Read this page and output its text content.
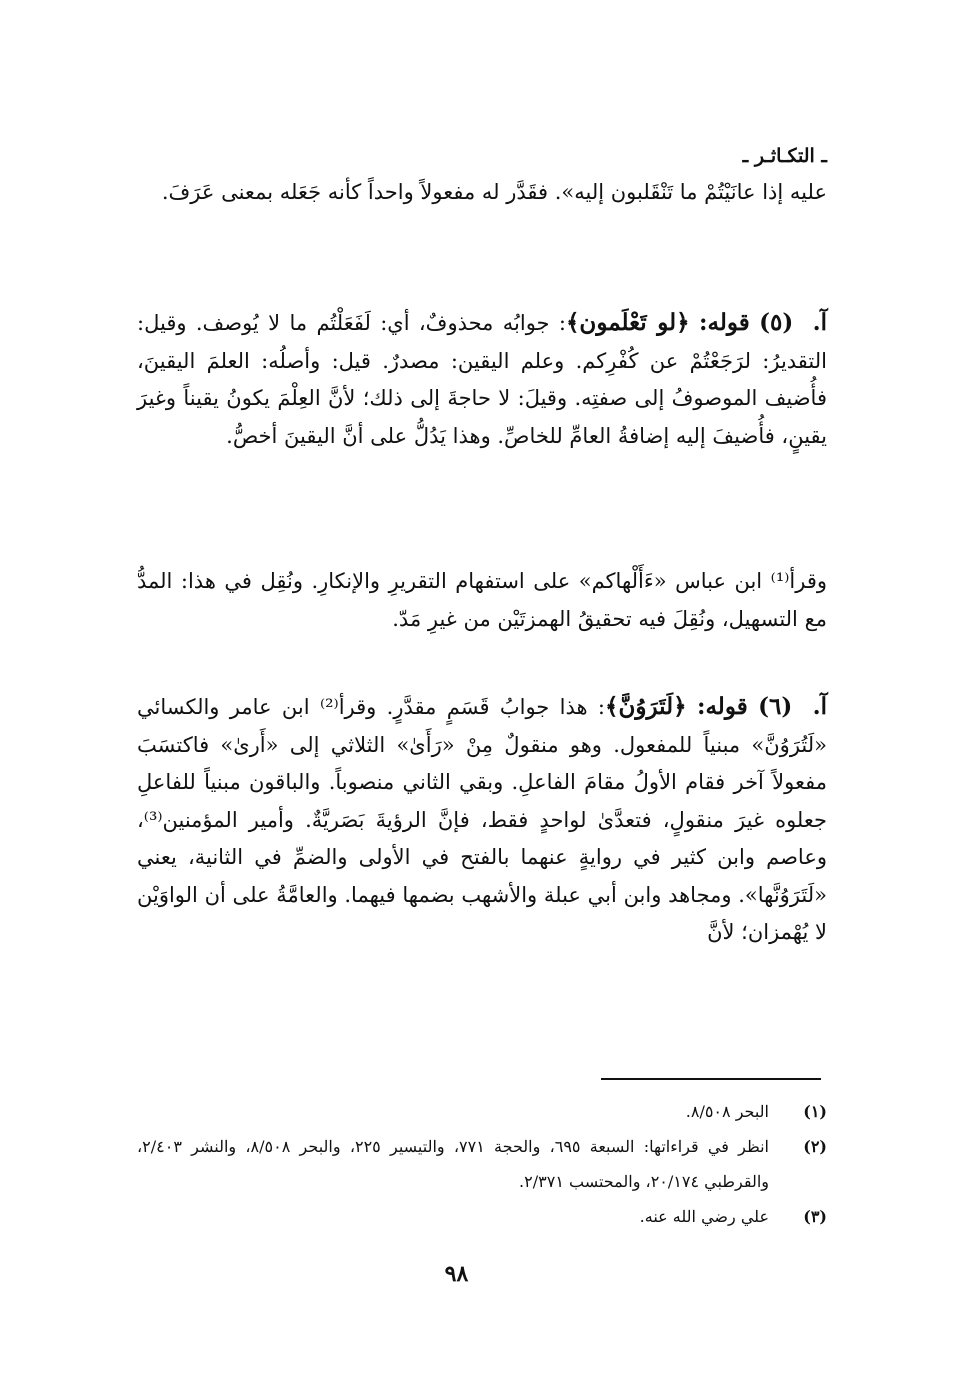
ـ التكـاثـر ـ

عليه إذا عانَيْتُمْ ما تَنْقَلبون إليه». فقَدَّر له مفعولاً واحداً كأنه جَعَله بمعنى عَرَفَ.

آ. (٥) قوله: ﴿لو تَعْلَمون﴾: جوابُه محذوفٌ، أي: لَفَعَلْتُم ما لا يُوصف. وقيل: التقديرُ: لرَجَعْتُمْ عن كُفْرِكم. وعلم اليقين: مصدرٌ. قيل: وأصلُه: العلمَ اليقينَ، فأُضيف الموصوفُ إلى صفتِه. وقيلَ: لا حاجةَ إلى ذلك؛ لأنَّ العِلْمَ يكونُ يقيناً وغيرَ يقينٍ، فأُضيفَ إليه إضافةُ العامِّ للخاصِّ. وهذا يَدُلُّ على أنَّ اليقينَ أخصُّ.

وقرأ⁽¹⁾ ابن عباس «ءَأَلْهاكم» على استفهام التقريرِ والإنكارِ. ونُقِل في هذا: المدُّ مع التسهيل، ونُقِلَ فيه تحقيقُ الهمزتَيْن من غيرِ مَدّ.

آ. (٦) قوله: ﴿لَتَرَوُنَّ﴾: هذا جوابُ قَسَمٍ مقدَّرٍ. وقرأ⁽²⁾ ابن عامر والكسائي «لَتُرَوُنَّ» مبنياً للمفعول. وهو منقولٌ مِنْ «رَأَىٰ» الثلاثي إلى «أَرىٰ» فاكتسَبَ مفعولاً آخر فقام الأولُ مقامَ الفاعلِ. وبقي الثاني منصوباً. والباقون مبنياً للفاعلِ جعلوه غيرَ منقولٍ، فتعدَّىٰ لواحدٍ فقط، فإنَّ الرؤيةَ بَصَريَّةٌ. وأمير المؤمنين⁽³⁾، وعاصم وابن كثير في روايةٍ عنهما بالفتح في الأولى والضمِّ في الثانية، يعني «لَتَرَوُنَّها». ومجاهد وابن أبي عبلة والأشهب بضمها فيهما. والعامَّةُ على أن الواوَيْن لا يُهْمزان؛ لأنَّ

(١)
البحر ٨/٥٠٨.
(٢)
انظر في قراءاتها: السبعة ٦٩٥، والحجة ٧٧١، والتيسير ٢٢٥، والبحر ٨/٥٠٨، والنشر ٢/٤٠٣، والقرطبي ٢٠/١٧٤، والمحتسب ٢/٣٧١.
(٣)
علي رضي الله عنه.
٩٨
